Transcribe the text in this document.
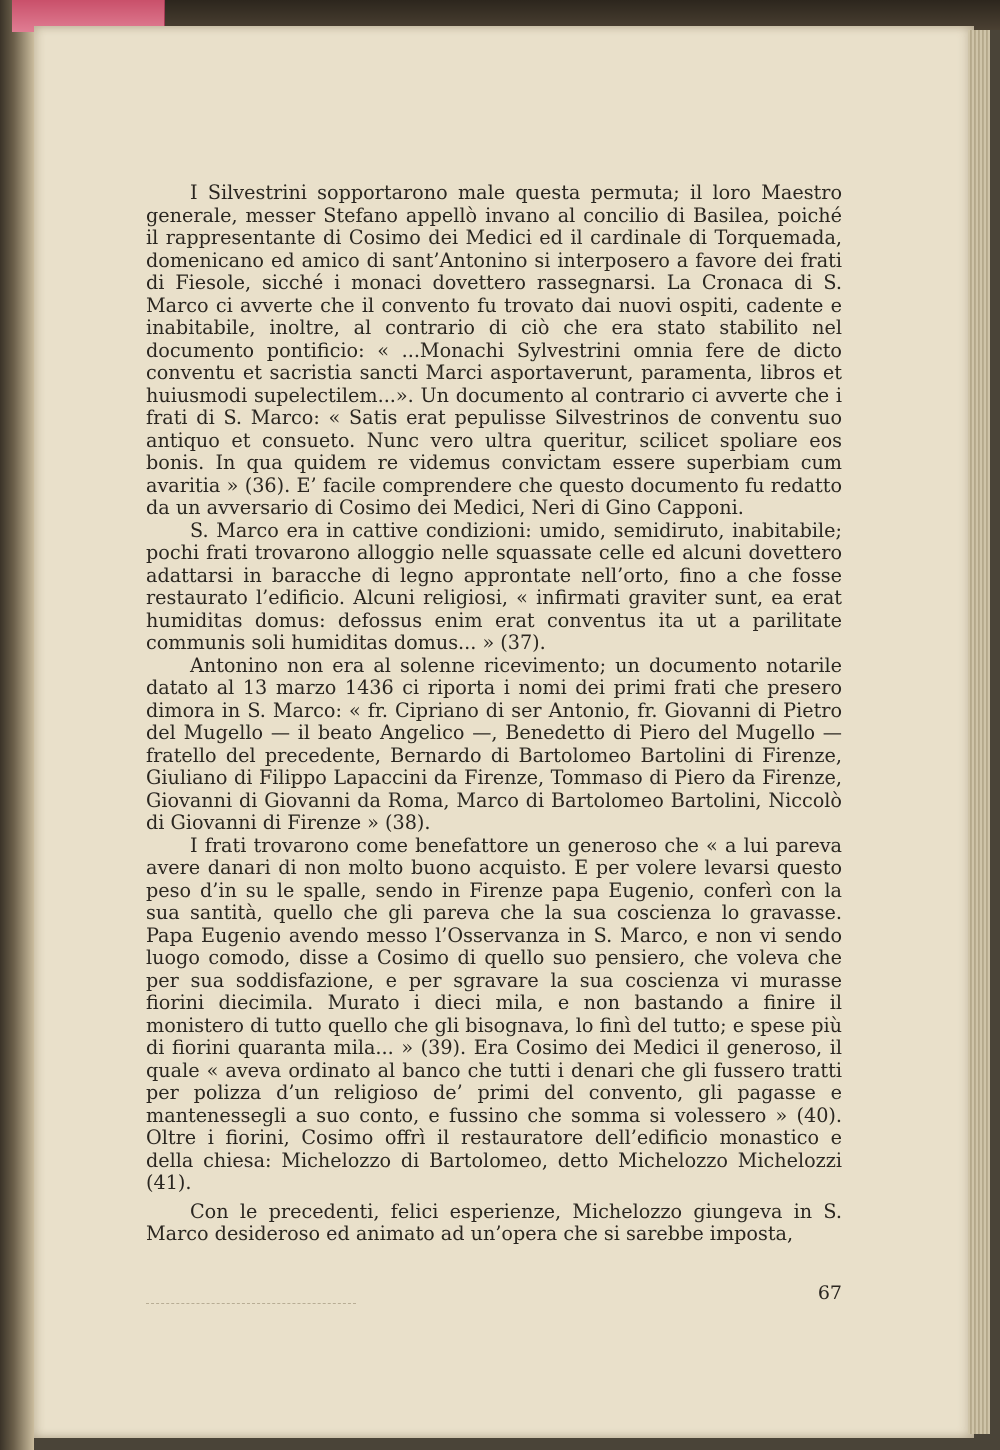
I Silvestrini sopportarono male questa permuta; il loro Maestro generale, messer Stefano appellò invano al concilio di Basilea, poiché il rappresentante di Cosimo dei Medici ed il cardinale di Torquemada, domenicano ed amico di sant’Antonino si interposero a favore dei frati di Fiesole, sicché i monaci dovettero rassegnarsi. La Cronaca di S. Marco ci avverte che il convento fu trovato dai nuovi ospiti, cadente e inabitabile, inoltre, al contrario di ciò che era stato stabilito nel documento pontificio: « ...Monachi Sylvestrini omnia fere de dicto conventu et sacristia sancti Marci asportaverunt, paramenta, libros et huiusmodi supelectilem...». Un documento al contrario ci avverte che i frati di S. Marco: « Satis erat pepulisse Silvestrinos de conventu suo antiquo et consueto. Nunc vero ultra queritur, scilicet spoliare eos bonis. In qua quidem re videmus convictam essere superbiam cum avaritia » (36). E’ facile comprendere che questo documento fu redatto da un avversario di Cosimo dei Medici, Neri di Gino Capponi.

S. Marco era in cattive condizioni: umido, semidiruto, inabitabile; pochi frati trovarono alloggio nelle squassate celle ed alcuni dovettero adattarsi in baracche di legno approntate nell’orto, fino a che fosse restaurato l’edificio. Alcuni religiosi, « infirmati graviter sunt, ea erat humiditas domus: defossus enim erat conventus ita ut a parilitate communis soli humiditas domus... » (37).

Antonino non era al solenne ricevimento; un documento notarile datato al 13 marzo 1436 ci riporta i nomi dei primi frati che presero dimora in S. Marco: « fr. Cipriano di ser Antonio, fr. Giovanni di Pietro del Mugello — il beato Angelico —, Benedetto di Piero del Mugello — fratello del precedente, Bernardo di Bartolomeo Bartolini di Firenze, Giuliano di Filippo Lapaccini da Firenze, Tommaso di Piero da Firenze, Giovanni di Giovanni da Roma, Marco di Bartolomeo Bartolini, Niccolò di Giovanni di Firenze » (38).

I frati trovarono come benefattore un generoso che « a lui pareva avere danari di non molto buono acquisto. E per volere levarsi questo peso d’in su le spalle, sendo in Firenze papa Eugenio, conferì con la sua santità, quello che gli pareva che la sua coscienza lo gravasse. Papa Eugenio avendo messo l’Osservanza in S. Marco, e non vi sendo luogo comodo, disse a Cosimo di quello suo pensiero, che voleva che per sua soddisfazione, e per sgravare la sua coscienza vi murasse fiorini diecimila. Murato i dieci mila, e non bastando a finire il monistero di tutto quello che gli bisognava, lo finì del tutto; e spese più di fiorini quaranta mila... » (39). Era Cosimo dei Medici il generoso, il quale « aveva ordinato al banco che tutti i denari che gli fussero tratti per polizza d’un religioso de’ primi del convento, gli pagasse e mantenessegli a suo conto, e fussino che somma si volessero » (40). Oltre i fiorini, Cosimo offrì il restauratore dell’edificio monastico e della chiesa: Michelozzo di Bartolomeo, detto Michelozzo Michelozzi (41).

Con le precedenti, felici esperienze, Michelozzo giungeva in S. Marco desideroso ed animato ad un’opera che si sarebbe imposta,

67
